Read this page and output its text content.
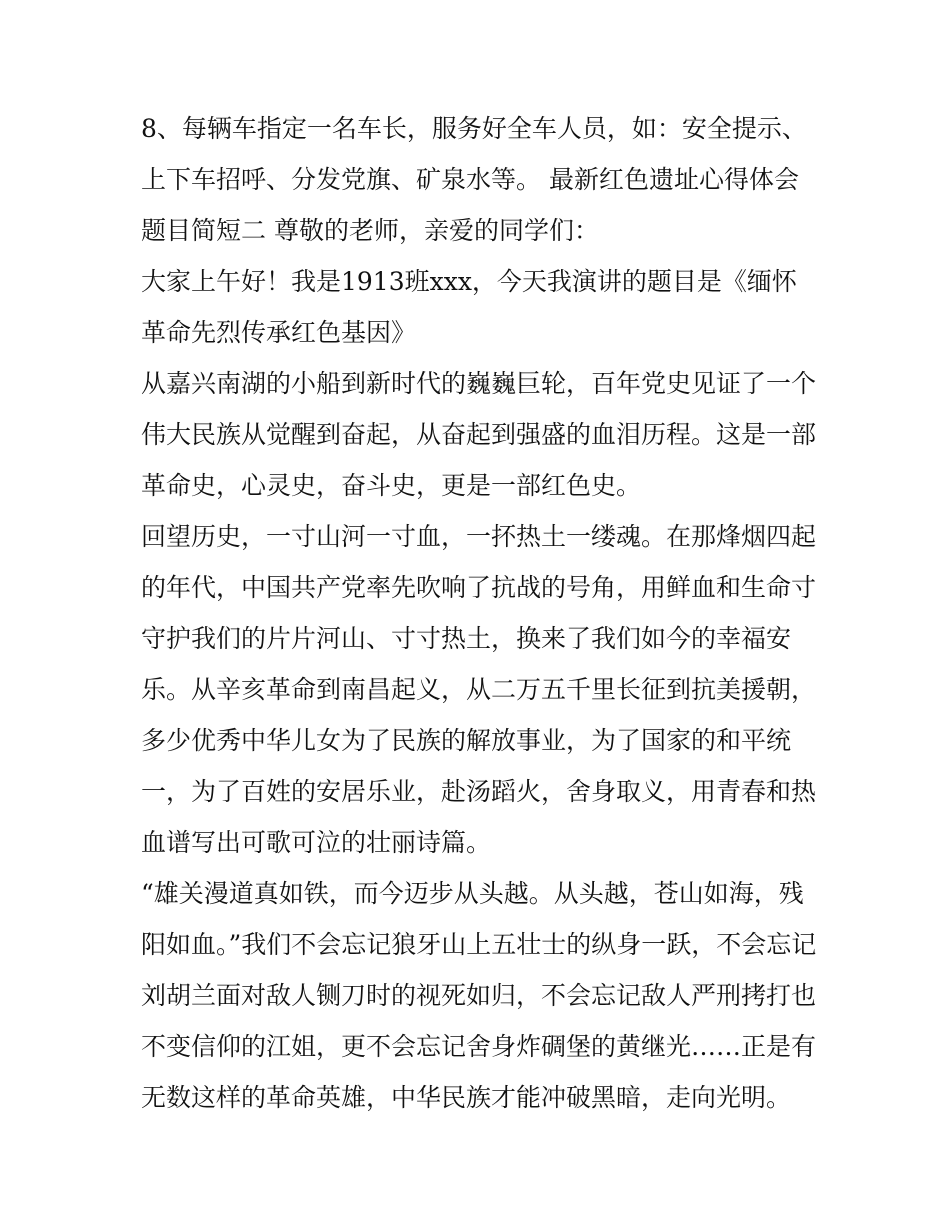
8、每辆车指定一名车长，服务好全车人员，如：安全提示、上下车招呼、分发党旗、矿泉水等。 最新红色遗址心得体会题目简短二 尊敬的老师，亲爱的同学们：

大家上午好！我是1913班xxx，今天我演讲的题目是《缅怀革命先烈传承红色基因》

从嘉兴南湖的小船到新时代的巍巍巨轮，百年党史见证了一个伟大民族从觉醒到奋起，从奋起到强盛的血泪历程。这是一部革命史，心灵史，奋斗史，更是一部红色史。

回望历史，一寸山河一寸血，一抔热土一缕魂。在那烽烟四起的年代，中国共产党率先吹响了抗战的号角，用鲜血和生命寸守护我们的片片河山、寸寸热土，换来了我们如今的幸福安乐。从辛亥革命到南昌起义，从二万五千里长征到抗美援朝，多少优秀中华儿女为了民族的解放事业，为了国家的和平统一，为了百姓的安居乐业，赴汤蹈火，舍身取义，用青春和热血谱写出可歌可泣的壮丽诗篇。

“雄关漫道真如铁，而今迈步从头越。从头越，苍山如海，残阳如血。”我们不会忘记狼牙山上五壮士的纵身一跃，不会忘记刘胡兰面对敌人铡刀时的视死如归，不会忘记敌人严刑拷打也不变信仰的江姐，更不会忘记舍身炸碉堡的黄继光……正是有无数这样的革命英雄，中华民族才能冲破黑暗，走向光明。
